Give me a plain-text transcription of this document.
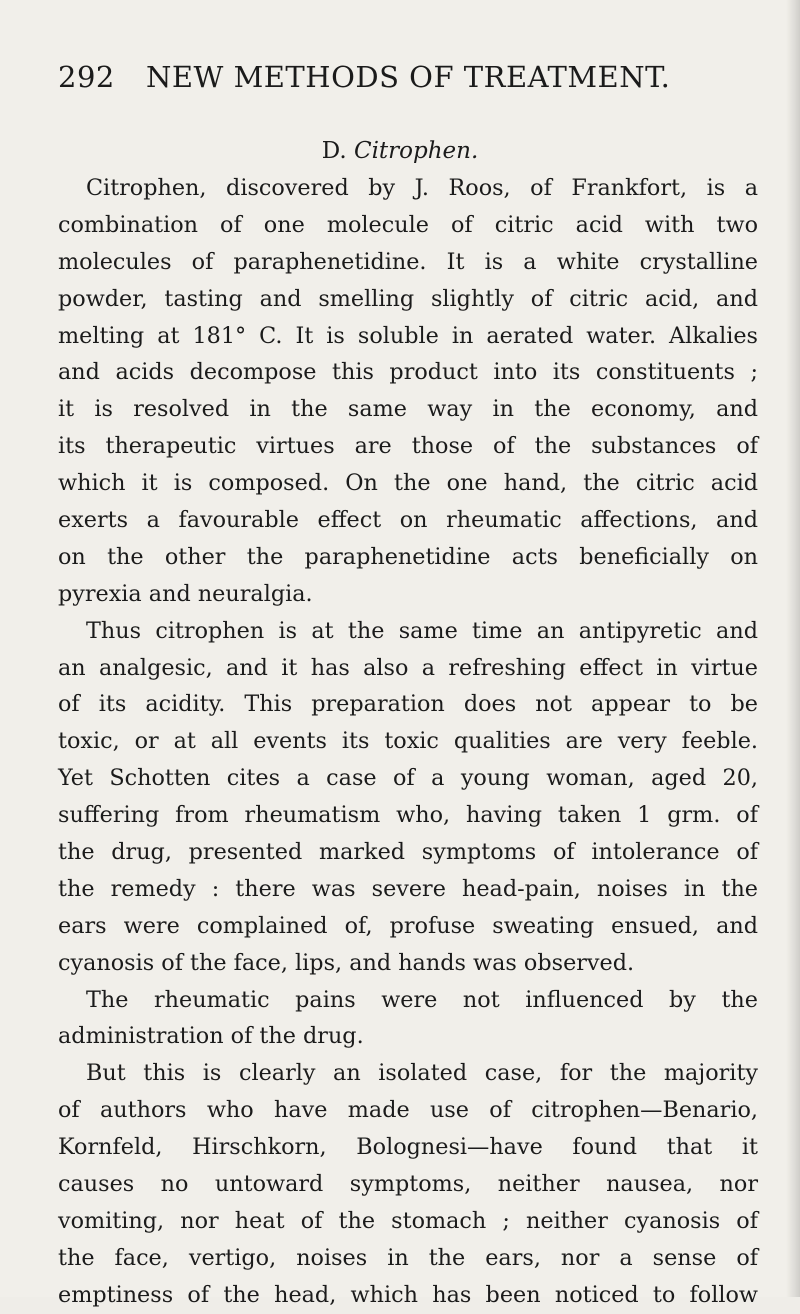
292 NEW METHODS OF TREATMENT.
D. Citrophen.
Citrophen, discovered by J. Roos, of Frankfort, is a
combination of one molecule of citric acid with two
molecules of paraphenetidine. It is a white crystalline
powder, tasting and smelling slightly of citric acid, and
melting at 181° C. It is soluble in aerated water. Alkalies
and acids decompose this product into its constituents ;
it is resolved in the same way in the economy, and
its therapeutic virtues are those of the substances of
which it is composed. On the one hand, the citric acid
exerts a favourable effect on rheumatic affections, and
on the other the paraphenetidine acts beneficially on
pyrexia and neuralgia.
Thus citrophen is at the same time an antipyretic and
an analgesic, and it has also a refreshing effect in virtue
of its acidity. This preparation does not appear to be
toxic, or at all events its toxic qualities are very feeble.
Yet Schotten cites a case of a young woman, aged 20,
suffering from rheumatism who, having taken 1 grm. of
the drug, presented marked symptoms of intolerance of
the remedy : there was severe head-pain, noises in the
ears were complained of, profuse sweating ensued, and
cyanosis of the face, lips, and hands was observed.
The rheumatic pains were not influenced by the
administration of the drug.
But this is clearly an isolated case, for the majority
of authors who have made use of citrophen—Benario,
Kornfeld, Hirschkorn, Bolognesi—have found that it
causes no untoward symptoms, neither nausea, nor
vomiting, nor heat of the stomach ; neither cyanosis of
the face, vertigo, noises in the ears, nor a sense of
emptiness of the head, which has been noticed to follow
